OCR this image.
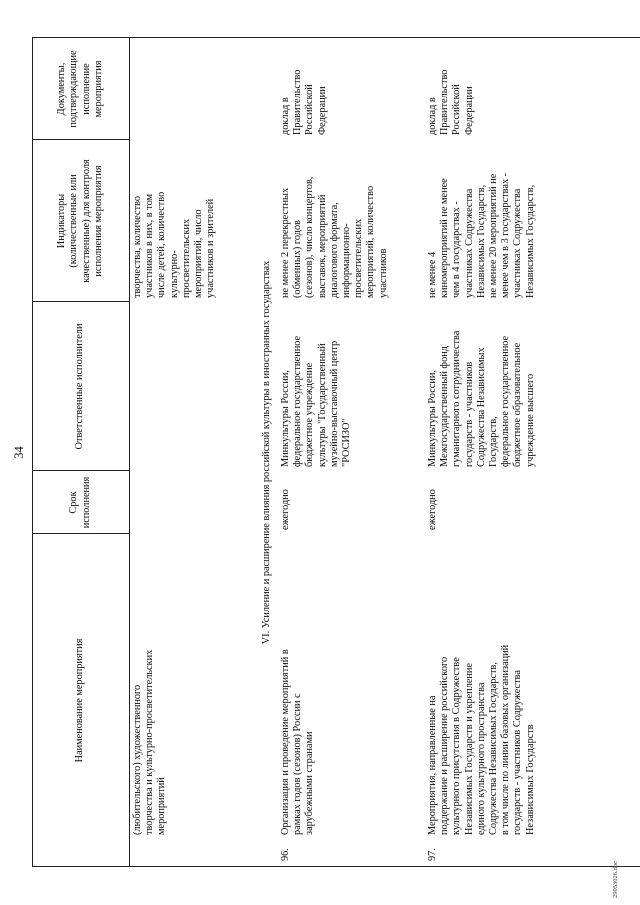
34
Наименование мероприятия
Срок
исполнения
Ответственные исполнители
Индикаторы
(количественные или
качественные) для контроля
исполнения мероприятия
Документы,
подтверждающие
исполнение
мероприятия
(любительского) художественного
творчества и культурно-просветительских
мероприятий
творчества, количество
участников в них, в том
числе детей, количество
культурно-
просветительских
мероприятий, число
участников и зрителей
VI. Усиление и расширение влияния российской культуры в иностранных государствах
96.
Организация и проведение мероприятий в
рамках годов (сезонов) России с
зарубежными странами
ежегодно
Минкультуры России,
федеральное государственное
бюджетное учреждение
культуры "Государственный
музейно-выставочный центр
"РОСИЗО"
не менее 2 перекрестных
(обменных) годов
(сезонов), число концертов,
выставок, мероприятий
диалогового формата,
информационно-
просветительских
мероприятий, количество
участников
доклад в
Правительство
Российской
Федерации
97.
Мероприятия, направленные на
поддержание и расширение российского
культурного присутствия в Содружестве
Независимых Государств и укрепление
единого культурного пространства
Содружества Независимых Государств,
в том числе по линии базовых организаций
государств - участников Содружества
Независимых Государств
ежегодно
Минкультуры России,
Межгосударственный фонд
гуманитарного сотрудничества
государств - участников
Содружества Независимых
Государств,
федеральное государственное
бюджетное образовательное
учреждение высшего
не менее 4
киномероприятий не менее
чем в 4 государствах -
участниках Содружества
Независимых Государств,
не менее 20 мероприятий не
менее чем в 3 государствах -
участниках Содружества
Независимых Государств,
доклад в
Правительство
Российской
Федерации
29053026.doc
